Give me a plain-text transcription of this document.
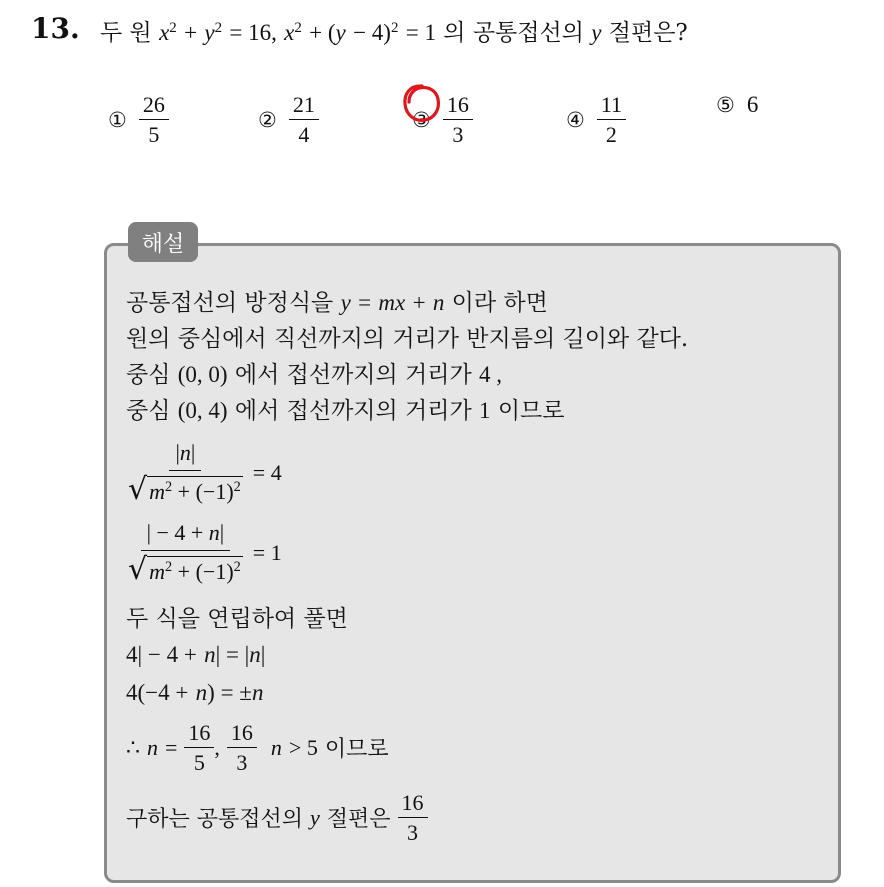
13. 두 원 $x^2 + y^2 = 16$, $x^2 + (y - 4)^2 = 1$ 의 공통접선의 y 절편은?
① $\frac{26}{5}$	② $\frac{21}{4}$	③ $\frac{16}{3}$	④ $\frac{11}{2}$	⑤ 6
해설
공통접선의 방정식을 y = mx + n 이라 하면
원의 중심에서 직선까지의 거리가 반지름의 길이와 같다.
중심 (0, 0) 에서 접선까지의 거리가 4 ,
중심 (0, 4) 에서 접선까지의 거리가 1 이므로
$\frac{|n|}{√ m^2 + (-1)^2} = 4$
$\frac{| - 4 + n|}{√ m^2 + (-1)^2} = 1$
두 식을 연립하여 풀면
4| − 4 + n| = |n|
4(−4 + n) = ±n
∴
n
=
$\frac{16}{5}$ ,
$\frac{16}{3}$
n
> 5
이므로
구하는 공통접선의
y
절편은
$\frac{16}{3}$
